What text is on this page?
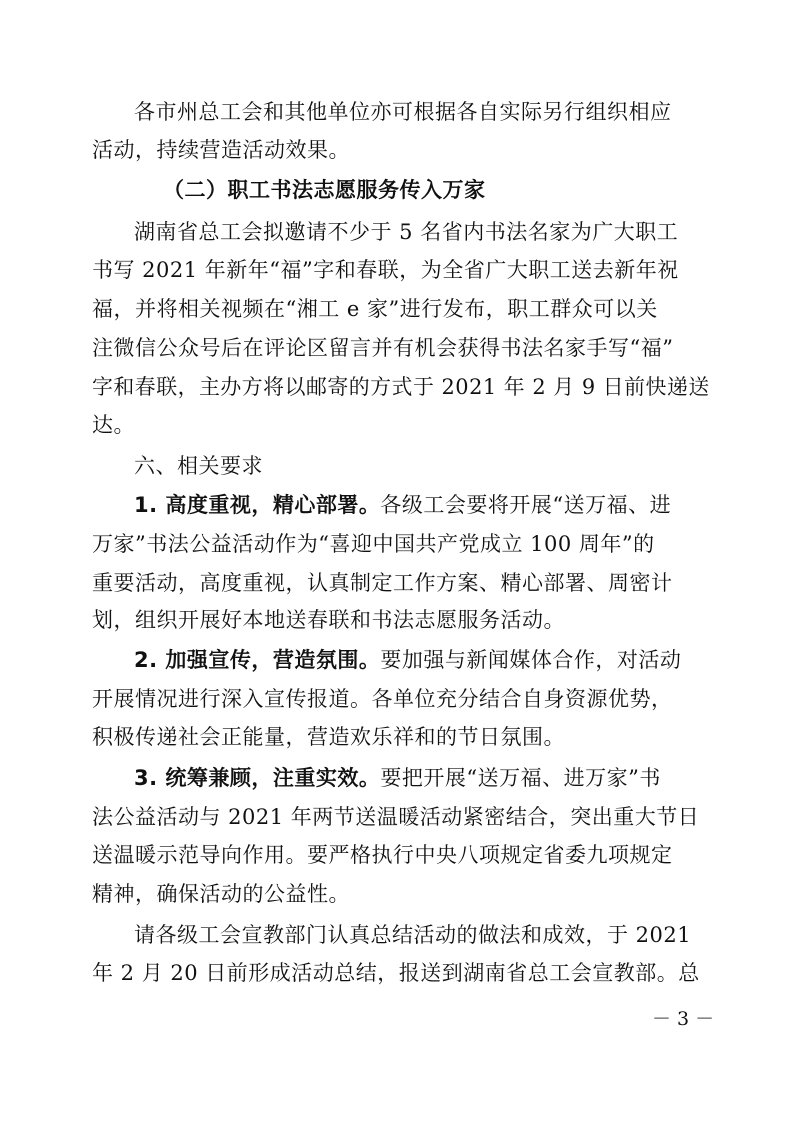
各市州总工会和其他单位亦可根据各自实际另行组织相应
活动，持续营造活动效果。
（二）职工书法志愿服务传入万家
湖南省总工会拟邀请不少于 5 名省内书法名家为广大职工
书写 2021 年新年“福”字和春联，为全省广大职工送去新年祝
福，并将相关视频在“湘工 e 家”进行发布，职工群众可以关
注微信公众号后在评论区留言并有机会获得书法名家手写“福”
字和春联，主办方将以邮寄的方式于 2021 年 2 月 9 日前快递送
达。
六、相关要求
1. 高度重视，精心部署。各级工会要将开展“送万福、进
万家”书法公益活动作为“喜迎中国共产党成立 100 周年”的
重要活动，高度重视，认真制定工作方案、精心部署、周密计
划，组织开展好本地送春联和书法志愿服务活动。
2. 加强宣传，营造氛围。要加强与新闻媒体合作，对活动
开展情况进行深入宣传报道。各单位充分结合自身资源优势，
积极传递社会正能量，营造欢乐祥和的节日氛围。
3. 统筹兼顾，注重实效。要把开展“送万福、进万家”书
法公益活动与 2021 年两节送温暖活动紧密结合，突出重大节日
送温暖示范导向作用。要严格执行中央八项规定省委九项规定
精神，确保活动的公益性。
请各级工会宣教部门认真总结活动的做法和成效，于 2021
年 2 月 20 日前形成活动总结，报送到湖南省总工会宣教部。总
－ 3 －
